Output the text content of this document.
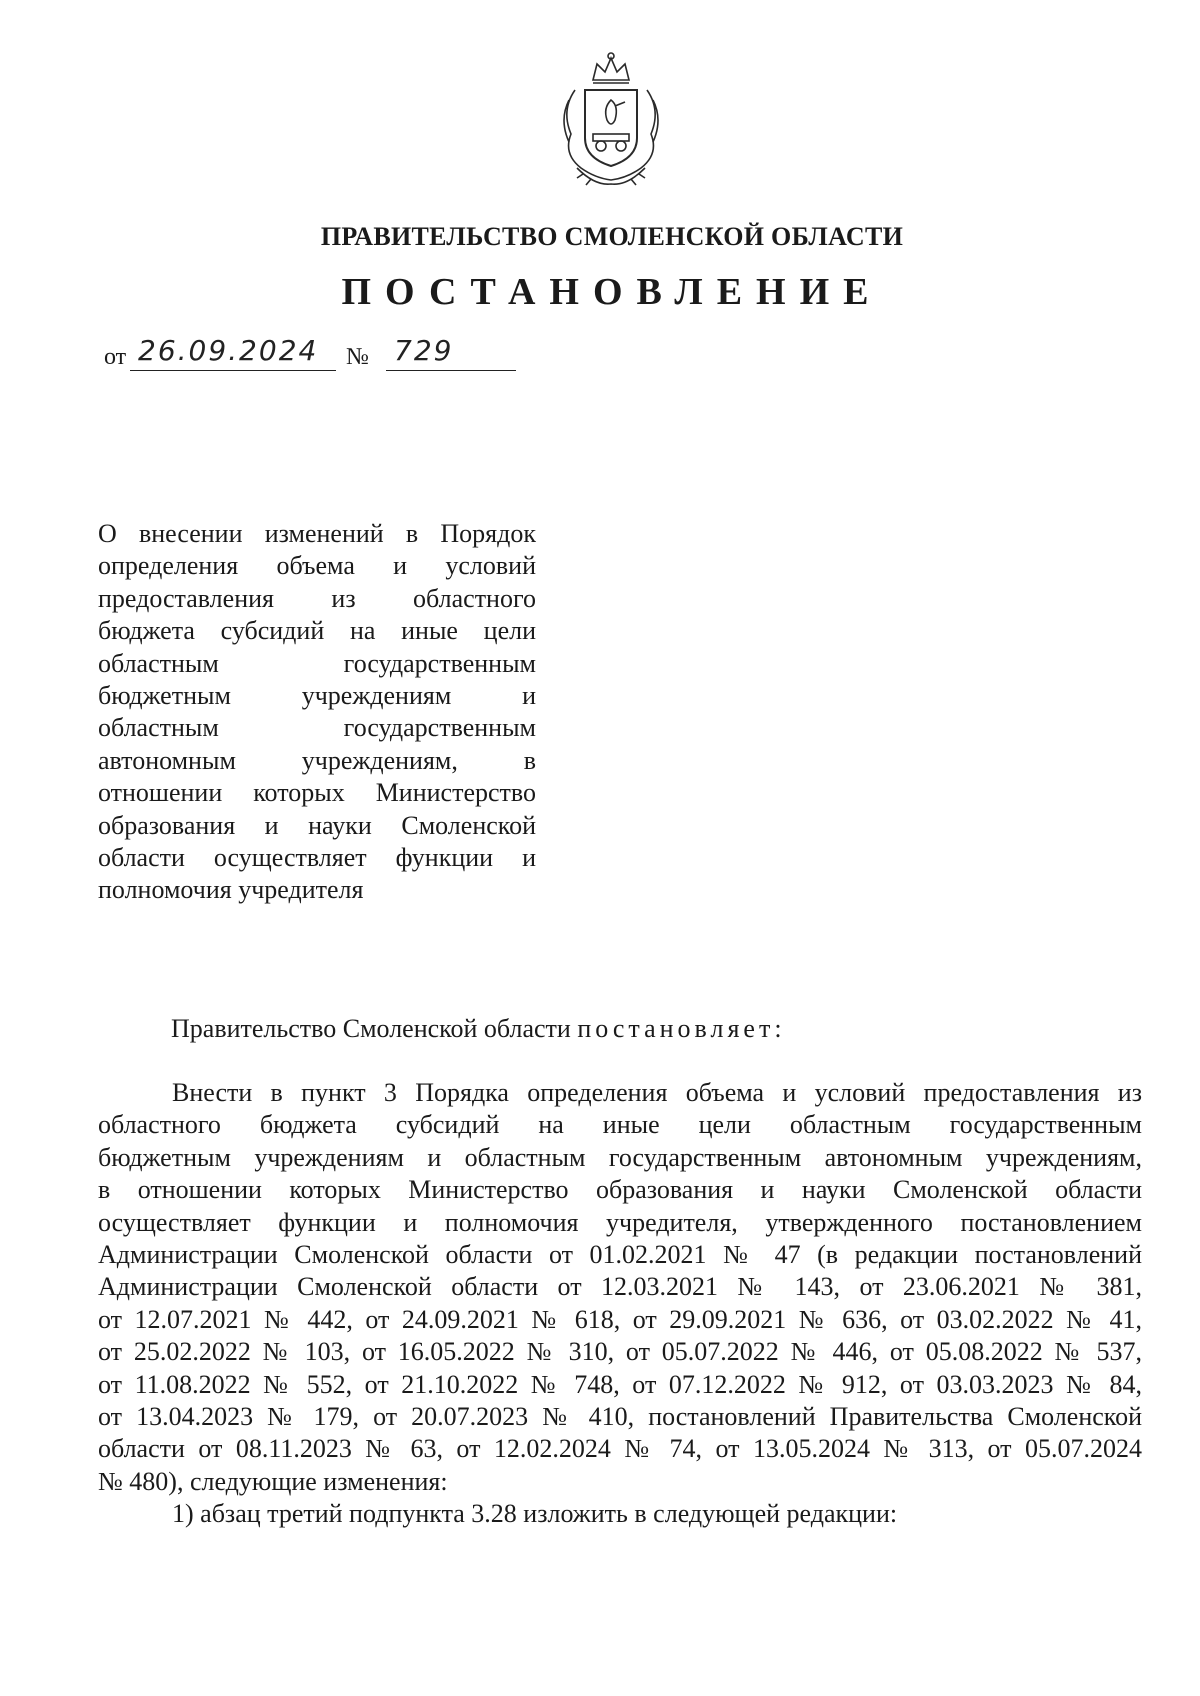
ПРАВИТЕЛЬСТВО СМОЛЕНСКОЙ ОБЛАСТИ
ПОСТАНОВЛЕНИЕ
от 26.09.2024 № 729
О внесении изменений в Порядок
определения объема и условий
предоставления из областного
бюджета субсидий на иные цели
областным государственным
бюджетным учреждениям и
областным государственным
автономным учреждениям, в
отношении которых Министерство
образования и науки Смоленской
области осуществляет функции и
полномочия учредителя
Правительство Смоленской области постановляет:
Внести в пункт 3 Порядка определения объема и условий предоставления из
областного бюджета субсидий на иные цели областным государственным
бюджетным учреждениям и областным государственным автономным учреждениям,
в отношении которых Министерство образования и науки Смоленской области
осуществляет функции и полномочия учредителя, утвержденного постановлением
Администрации Смоленской области от 01.02.2021 № 47 (в редакции постановлений
Администрации Смоленской области от 12.03.2021 № 143, от 23.06.2021 № 381,
от 12.07.2021 № 442, от 24.09.2021 № 618, от 29.09.2021 № 636, от 03.02.2022 № 41,
от 25.02.2022 № 103, от 16.05.2022 № 310, от 05.07.2022 № 446, от 05.08.2022 № 537,
от 11.08.2022 № 552, от 21.10.2022 № 748, от 07.12.2022 № 912, от 03.03.2023 № 84,
от 13.04.2023 № 179, от 20.07.2023 № 410, постановлений Правительства Смоленской
области от 08.11.2023 № 63, от 12.02.2024 № 74, от 13.05.2024 № 313, от 05.07.2024
№ 480), следующие изменения:
1) абзац третий подпункта 3.28 изложить в следующей редакции:
